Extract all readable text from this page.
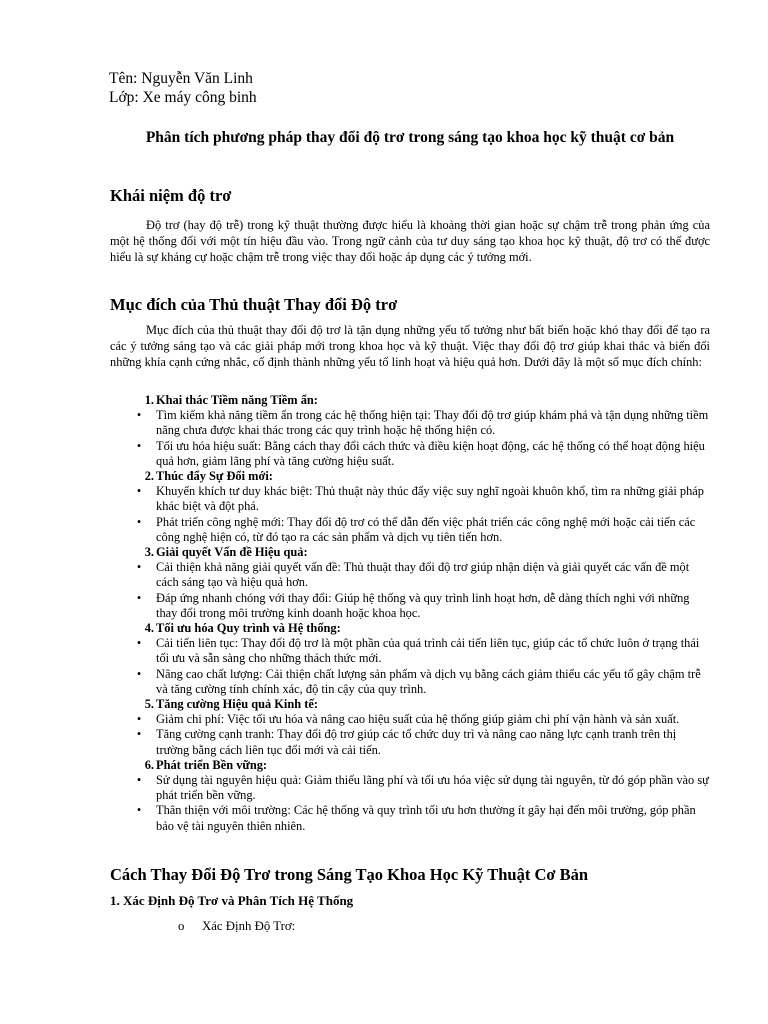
Tên: Nguyễn Văn Linh
Lớp: Xe máy công binh
Phân tích phương pháp thay đổi độ trơ trong sáng tạo khoa học kỹ thuật cơ bản
Khái niệm độ trơ
Độ trơ (hay độ trễ) trong kỹ thuật thường được hiểu là khoảng thời gian hoặc sự chậm trễ trong phản ứng của một hệ thống đối với một tín hiệu đầu vào. Trong ngữ cảnh của tư duy sáng tạo khoa học kỹ thuật, độ trơ có thể được hiểu là sự kháng cự hoặc chậm trễ trong việc thay đổi hoặc áp dụng các ý tưởng mới.
Mục đích của Thủ thuật Thay đổi Độ trơ
Mục đích của thủ thuật thay đổi độ trơ là tận dụng những yếu tố tưởng như bất biến hoặc khó thay đổi để tạo ra các ý tưởng sáng tạo và các giải pháp mới trong khoa học và kỹ thuật. Việc thay đổi độ trơ giúp khai thác và biến đổi những khía cạnh cứng nhắc, cố định thành những yếu tố linh hoạt và hiệu quả hơn. Dưới đây là một số mục đích chính:
1. Khai thác Tiềm năng Tiềm ẩn:
•	Tìm kiếm khả năng tiềm ẩn trong các hệ thống hiện tại: Thay đổi độ trơ giúp khám phá và tận dụng những tiềm năng chưa được khai thác trong các quy trình hoặc hệ thống hiện có.
•	Tối ưu hóa hiệu suất: Bằng cách thay đổi cách thức và điều kiện hoạt động, các hệ thống có thể hoạt động hiệu quả hơn, giảm lãng phí và tăng cường hiệu suất.
2. Thúc đẩy Sự Đổi mới:
•	Khuyến khích tư duy khác biệt: Thủ thuật này thúc đẩy việc suy nghĩ ngoài khuôn khổ, tìm ra những giải pháp khác biệt và đột phá.
•	Phát triển công nghệ mới: Thay đổi độ trơ có thể dẫn đến việc phát triển các công nghệ mới hoặc cải tiến các công nghệ hiện có, từ đó tạo ra các sản phẩm và dịch vụ tiên tiến hơn.
3. Giải quyết Vấn đề Hiệu quả:
•	Cải thiện khả năng giải quyết vấn đề: Thủ thuật thay đổi độ trơ giúp nhận diện và giải quyết các vấn đề một cách sáng tạo và hiệu quả hơn.
•	Đáp ứng nhanh chóng với thay đổi: Giúp hệ thống và quy trình linh hoạt hơn, dễ dàng thích nghi với những thay đổi trong môi trường kinh doanh hoặc khoa học.
4. Tối ưu hóa Quy trình và Hệ thống:
•	Cải tiến liên tục: Thay đổi độ trơ là một phần của quá trình cải tiến liên tục, giúp các tổ chức luôn ở trạng thái tối ưu và sẵn sàng cho những thách thức mới.
•	Nâng cao chất lượng: Cải thiện chất lượng sản phẩm và dịch vụ bằng cách giảm thiểu các yếu tố gây chậm trễ và tăng cường tính chính xác, độ tin cậy của quy trình.
5. Tăng cường Hiệu quả Kinh tế:
•	Giảm chi phí: Việc tối ưu hóa và nâng cao hiệu suất của hệ thống giúp giảm chi phí vận hành và sản xuất.
•	Tăng cường cạnh tranh: Thay đổi độ trơ giúp các tổ chức duy trì và nâng cao năng lực cạnh tranh trên thị trường bằng cách liên tục đổi mới và cải tiến.
6. Phát triển Bền vững:
•	Sử dụng tài nguyên hiệu quả: Giảm thiểu lãng phí và tối ưu hóa việc sử dụng tài nguyên, từ đó góp phần vào sự phát triển bền vững.
•	Thân thiện với môi trường: Các hệ thống và quy trình tối ưu hơn thường ít gây hại đến môi trường, góp phần bảo vệ tài nguyên thiên nhiên.
Cách Thay Đổi Độ Trơ trong Sáng Tạo Khoa Học Kỹ Thuật Cơ Bản
1. Xác Định Độ Trơ và Phân Tích Hệ Thống
o	Xác Định Độ Trơ:
